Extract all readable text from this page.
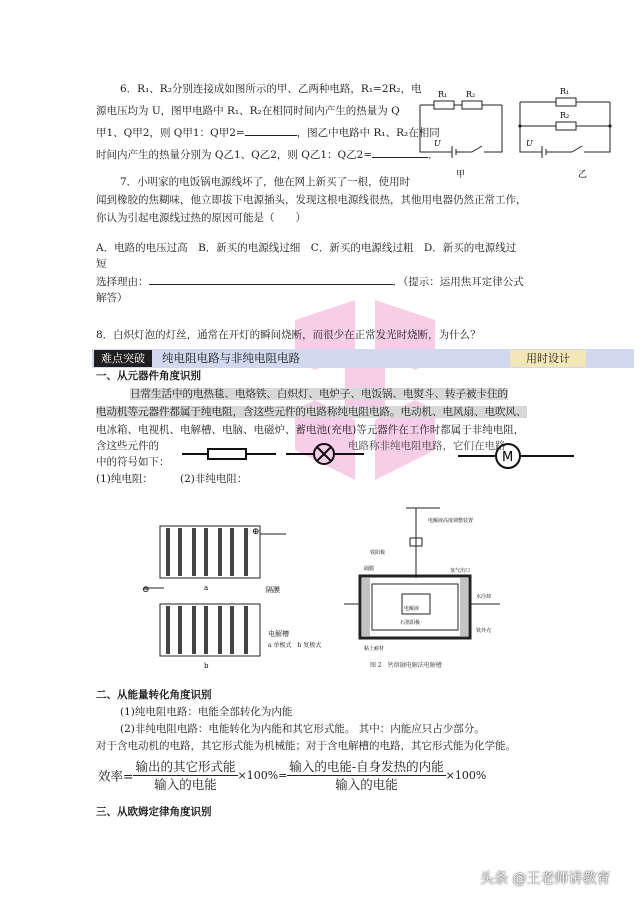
6．R₁、R₂分别连接成如图所示的甲、乙两种电路，R₁=2R₂，电
源电压均为 U，图甲电路中 R₁、R₂在相同时间内产生的热量为 Q
甲1、Q甲2，则 Q甲1：Q甲2=	，图乙中电路中 R₁、R₂在相同
时间内产生的热量分别为 Q乙1、Q乙2，则 Q乙1：Q乙2=	．
R₁ R₂
U
甲
R₁
R₂
U
乙
7．小明家的电饭锅电源线坏了，他在网上新买了一根，使用时
闻到橡胶的焦糊味，他立即拔下电源插头，发现这根电源线很热，其他用电器仍然正常工作，
你认为引起电源线过热的原因可能是（　　）
A．电路的电压过高　B．新买的电源线过细　C．新买的电源线过粗　D．新买的电源线过
短
选择理由：	．（提示：运用焦耳定律公式
解答）
8．白炽灯泡的灯丝，通常在开灯的瞬间烧断，而很少在正常发光时烧断，为什么？
难点突破	纯电阻电路与非纯电阻电路	用时设计
一、从元器件角度识别
日常生活中的电热毯、电烙铁、白炽灯、电炉子、电饭锅、电熨斗、转子被卡住的
电动机等元器件都属于纯电阻，含这些元件的电路称纯电阻电路。电动机、电风扇、电吹风、
电冰箱、电视机、电解槽、电脑、电磁炉、蓄电池(充电)等元器件在工作时都属于非纯电阻，
含这些元件的	电路称非纯电阻电路，它们在电路
中的符号如下：
(1)纯电阻：	(2)非纯电阻：
M
⊕
⊖	a
b
隔膜
电解槽
a 单极式　b 复极式
电解液高度调整装置
铁阳极
隔膜	氢气出口
电解液
石墨阳极
水冷却
铁外壳
粘土耐材
图 2　钙熔融电解法电解槽
二、从能量转化角度识别
(1)纯电阻电路：电能全部转化为内能
(2)非纯电阻电路：电能转化为内能和其它形式能。 其中：内能应只占少部分。
对于含电动机的电路，其它形式能为机械能；对于含电解槽的电路，其它形式能为化学能。
效率= $\frac{\text{输出的其它形式能}}{\text{输入的电能}} \times 100\%= \frac{\text{输入的电能-自身发热的内能}}{\text{输入的电能}} \times 100\%$
三、从欧姆定律角度识别
头条 @王老师讲教育
